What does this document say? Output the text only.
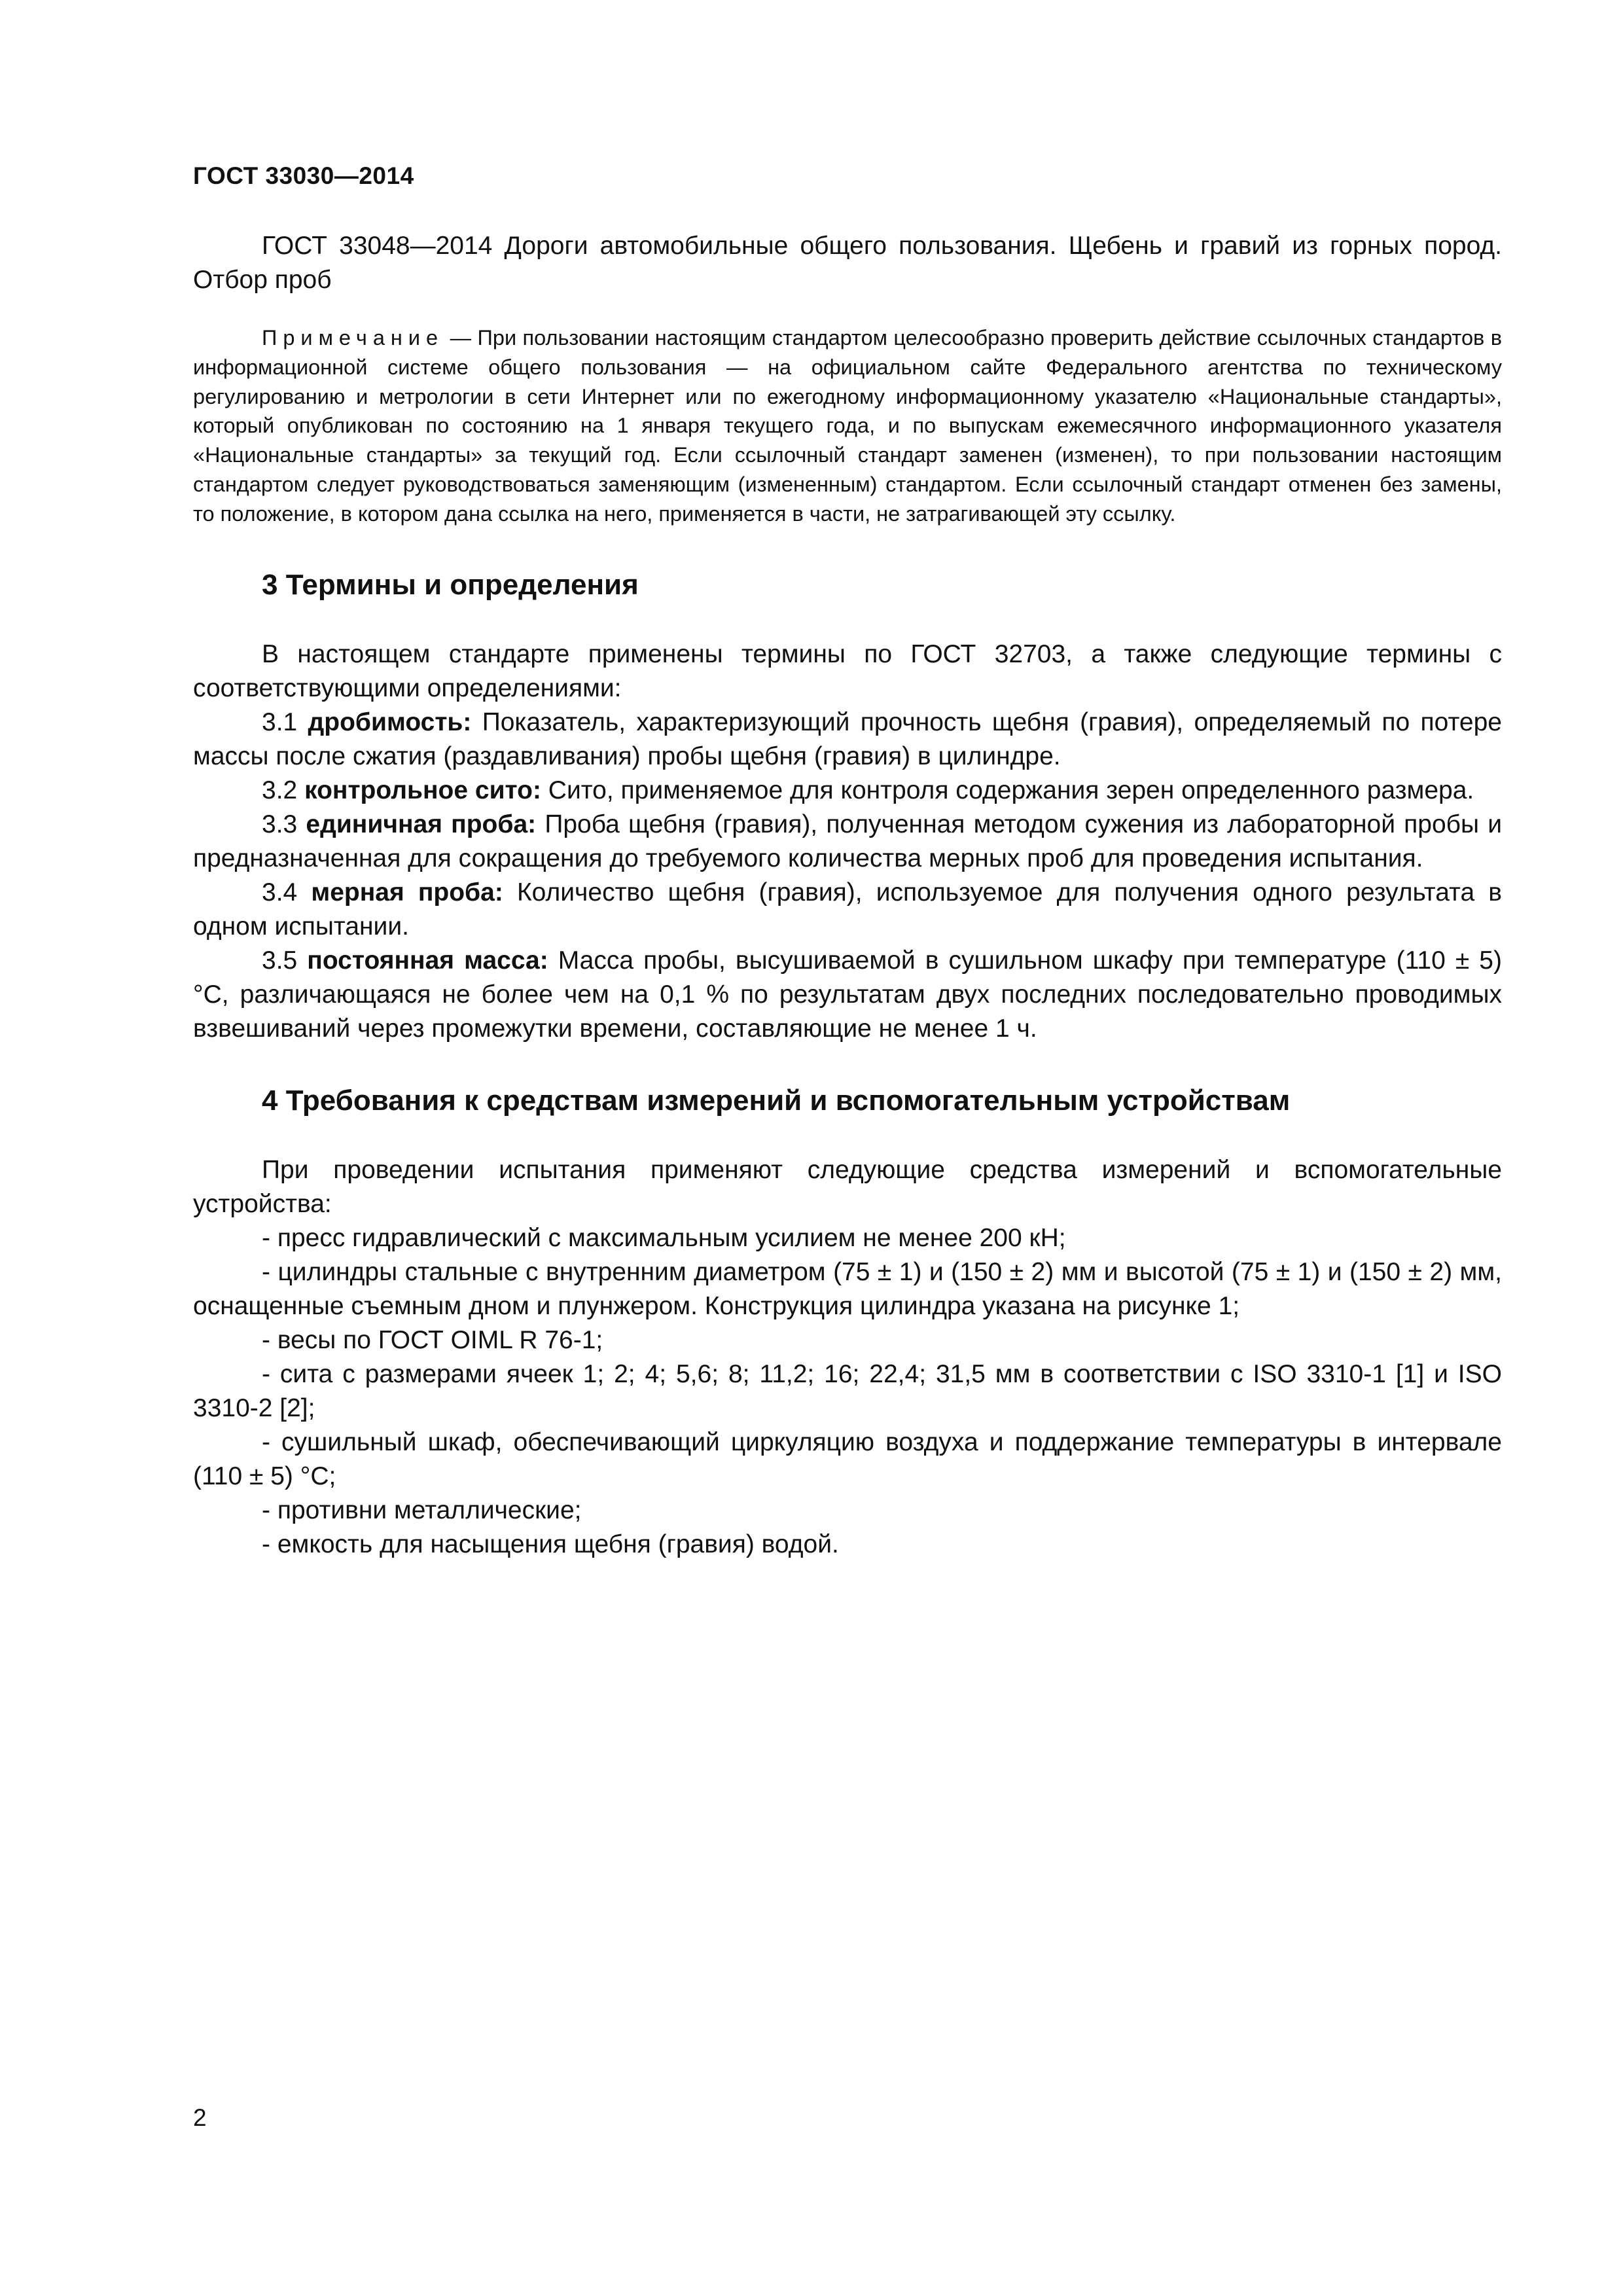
ГОСТ 33030—2014

ГОСТ 33048—2014 Дороги автомобильные общего пользования. Щебень и гравий из горных пород. Отбор проб

Примечание — При пользовании настоящим стандартом целесообразно проверить действие ссылочных стандартов в информационной системе общего пользования — на официальном сайте Федерального агентства по техническому регулированию и метрологии в сети Интернет или по ежегодному информационному указателю «Национальные стандарты», который опубликован по состоянию на 1 января текущего года, и по выпускам ежемесячного информационного указателя «Национальные стандарты» за текущий год. Если ссылочный стандарт заменен (изменен), то при пользовании настоящим стандартом следует руководствоваться заменяющим (измененным) стандартом. Если ссылочный стандарт отменен без замены, то положение, в котором дана ссылка на него, применяется в части, не затрагивающей эту ссылку.
3 Термины и определения

В настоящем стандарте применены термины по ГОСТ 32703, а также следующие термины с соответствующими определениями:

3.1 дробимость: Показатель, характеризующий прочность щебня (гравия), определяемый по потере массы после сжатия (раздавливания) пробы щебня (гравия) в цилиндре.

3.2 контрольное сито: Сито, применяемое для контроля содержания зерен определенного размера.

3.3 единичная проба: Проба щебня (гравия), полученная методом сужения из лабораторной пробы и предназначенная для сокращения до требуемого количества мерных проб для проведения испытания.

3.4 мерная проба: Количество щебня (гравия), используемое для получения одного результата в одном испытании.

3.5 постоянная масса: Масса пробы, высушиваемой в сушильном шкафу при температуре (110 ± 5) °С, различающаяся не более чем на 0,1 % по результатам двух последних последовательно проводимых взвешиваний через промежутки времени, составляющие не менее 1 ч.

4 Требования к средствам измерений и вспомогательным устройствам

При проведении испытания применяют следующие средства измерений и вспомогательные устройства:

- пресс гидравлический с максимальным усилием не менее 200 кН;

- цилиндры стальные с внутренним диаметром (75 ± 1) и (150 ± 2) мм и высотой (75 ± 1) и (150 ± 2) мм, оснащенные съемным дном и плунжером. Конструкция цилиндра указана на рисунке 1;

- весы по ГОСТ OIML R 76-1;

- сита с размерами ячеек 1; 2; 4; 5,6; 8; 11,2; 16; 22,4; 31,5 мм в соответствии с ISO 3310-1 [1] и ISO 3310-2 [2];

- сушильный шкаф, обеспечивающий циркуляцию воздуха и поддержание температуры в интервале (110 ± 5) °С;

- противни металлические;

- емкость для насыщения щебня (гравия) водой.

2
